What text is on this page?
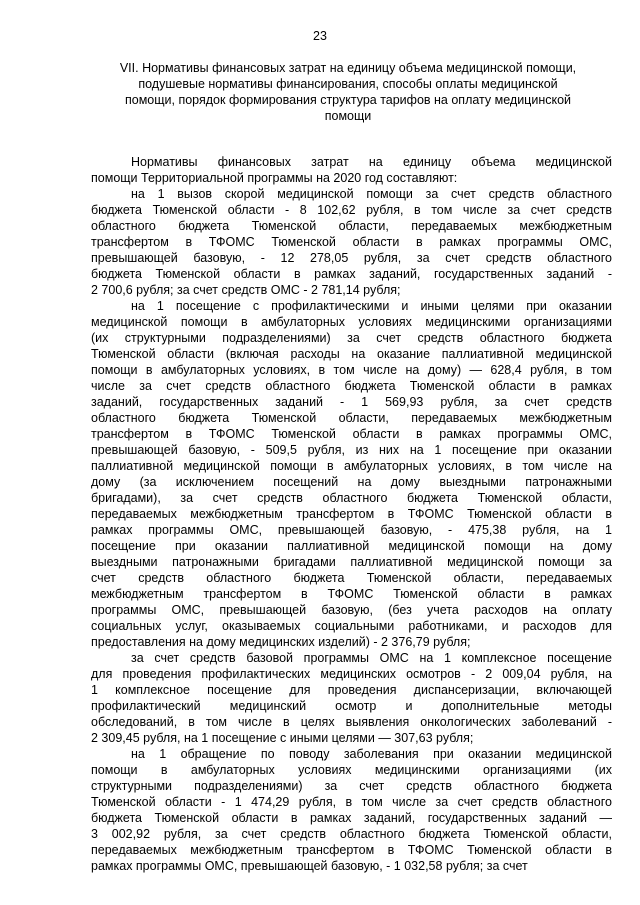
23
VII. Нормативы финансовых затрат на единицу объема медицинской помощи,
подушевые нормативы финансирования, способы оплаты медицинской
помощи, порядок формирования структура тарифов на оплату медицинской
помощи
Нормативы финансовых затрат на единицу объема медицинской
помощи Территориальной программы на 2020 год составляют:
на 1 вызов скорой медицинской помощи за счет средств областного
бюджета Тюменской области - 8 102,62 рубля, в том числе за счет средств
областного бюджета Тюменской области, передаваемых межбюджетным
трансфертом в ТФОМС Тюменской области в рамках программы ОМС,
превышающей базовую, - 12 278,05 рубля, за счет средств областного
бюджета Тюменской области в рамках заданий, государственных заданий -
2 700,6 рубля; за счет средств ОМС - 2 781,14 рубля;
на 1 посещение с профилактическими и иными целями при оказании
медицинской помощи в амбулаторных условиях медицинскими организациями
(их структурными подразделениями) за счет средств областного бюджета
Тюменской области (включая расходы на оказание паллиативной медицинской
помощи в амбулаторных условиях, в том числе на дому) — 628,4 рубля, в том
числе за счет средств областного бюджета Тюменской области в рамках
заданий, государственных заданий - 1 569,93 рубля, за счет средств
областного бюджета Тюменской области, передаваемых межбюджетным
трансфертом в ТФОМС Тюменской области в рамках программы ОМС,
превышающей базовую, - 509,5 рубля, из них на 1 посещение при оказании
паллиативной медицинской помощи в амбулаторных условиях, в том числе на
дому (за исключением посещений на дому выездными патронажными
бригадами), за счет средств областного бюджета Тюменской области,
передаваемых межбюджетным трансфертом в ТФОМС Тюменской области в
рамках программы ОМС, превышающей базовую, - 475,38 рубля, на 1
посещение при оказании паллиативной медицинской помощи на дому
выездными патронажными бригадами паллиативной медицинской помощи за
счет средств областного бюджета Тюменской области, передаваемых
межбюджетным трансфертом в ТФОМС Тюменской области в рамках
программы ОМС, превышающей базовую, (без учета расходов на оплату
социальных услуг, оказываемых социальными работниками, и расходов для
предоставления на дому медицинских изделий) - 2 376,79 рубля;
за счет средств базовой программы ОМС на 1 комплексное посещение
для проведения профилактических медицинских осмотров - 2 009,04 рубля, на
1 комплексное посещение для проведения диспансеризации, включающей
профилактический медицинский осмотр и дополнительные методы
обследований, в том числе в целях выявления онкологических заболеваний -
2 309,45 рубля, на 1 посещение с иными целями — 307,63 рубля;
на 1 обращение по поводу заболевания при оказании медицинской
помощи в амбулаторных условиях медицинскими организациями (их
структурными подразделениями) за счет средств областного бюджета
Тюменской области - 1 474,29 рубля, в том числе за счет средств областного
бюджета Тюменской области в рамках заданий, государственных заданий —
3 002,92 рубля, за счет средств областного бюджета Тюменской области,
передаваемых межбюджетным трансфертом в ТФОМС Тюменской области в
рамках программы ОМС, превышающей базовую, - 1 032,58 рубля; за счет
